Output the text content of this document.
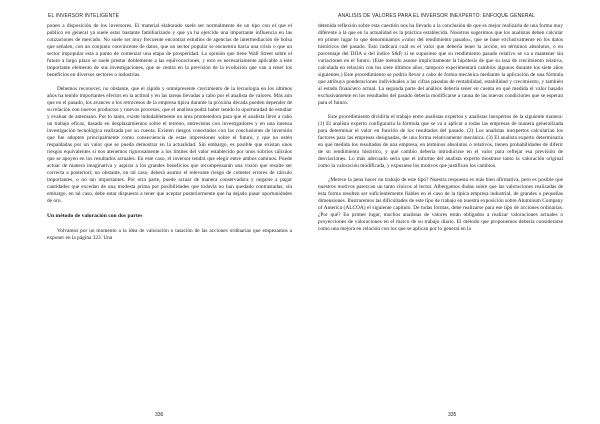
EL INVERSOR INTELIGENTE

ponen a disposición de los inversores. El material elaborado suele ser normalmente de un tipo con el que el público en general ya suele estar bastante familiarizado y que ya ha ejercido una importante influencia en las cotizaciones de mercado. No suele ser muy frecuente encontrar estudios de agencias de intermediación de bolsa que señalen, con un conjunto convincente de datos, que un sector popular se encuentra hacia una crisis o que un sector impopular está a punto de comenzar una etapa de prosperidad. La opinión que tiene Wall Street sobre el futuro a largo plazo se suele prestar doblemente a las equivocaciones, y esto es necesariamente aplicable a este importante elemento de sus investigaciones, que se centra en la previsión de la evolución que van a tener los beneficios en diversos sectores o industrias.

Debemos reconocer, no obstante, que el rápido y omnipresente crecimiento de la tecnología en los últimos años ha tenido importantes efectos en la actitud y en las tareas llevadas a cabo por el analista de valores. Más aún que en el pasado, los avances o los retrocesos de la empresa típica durante la próxima década pueden depender de su relación con nuevos productos y nuevos procesos, que el analista podrá haber tenido la oportunidad de estudiar y evaluar de antemano. Por lo tanto, existe indudablemente un área prometedora para que el analista lleve a cabo un trabajo eficaz, basado en desplazamientos sobre el terreno, entrevistas con investigadores y en una intensa investigación tecnológica realizada por su cuenta. Existen riesgos conectados con las conclusiones de inversión que fue adopten principalmente como consecuencia de estas impresiones sobre el futuro, y que no estén respaldadas por un valor que se pueda demostrar en la actualidad. Sin embargo, es posible que existan unos riesgos equivalentes si nos atenemos rigurosamente a los límites del valor establecido por unos sobrios cálculos que se apoyen en los resultados actuales. En este caso, el inversor tendrá que elegir entre ambos caminos. Puede actuar de manera imaginativa y aspirar a los grandes beneficios que recompensarán una visión que resulte ser correcta a posteriori; no obstante, en tal caso, deberá asumir el relevante riesgo de cometer errores de cálculo importantes, o no tan importantes. Por otra parte, puede actuar de manera conservadora y negarse a pagar cantidades que excedan de una modesta prima por posibilidades que todavía no han quedado contrastadas; sin embargo, en tal caso, debe estar dispuesto a tener que aceptar posteriormente que ha dejado pasar oportunidades de oro.

Un método de valoración con dos partes

Volvamos por un momento a la idea de valoración o tasación de las acciones ordinarias que empezamos a exponer en la página 323. Una

336
ANÁLISIS DE VALORES PARA EL INVERSOR INEXPERTO: ENFOQUE GENERAL

detenida reflexión sobre esta cuestión nos ha llevado a la conclusión de que es mejor realizarla de una forma muy diferente a la que en la actualidad es la práctica establecida. Nosotros sugerimos que los analistas deben calcular en primer lugar lo que denominamos «valor del rendimiento pasado», que se base exclusivamente en los datos históricos del pasado. Esto indicará cuál es el valor que debería tener la acción, en términos absolutos, o en porcentaje del DJIA o del índice S&P, si se supusiese que su rendimiento pasado relativo se va a mantener sin variaciones en el futuro. (Este método asume implícitamente la hipótesis de que su tasa de crecimiento relativa, calculada en relación con los siete últimos años, tampoco experimentará cambios algunos durante los siete años siguientes.) Este procedimiento se podría llevar a cabo de forma mecánica mediante la aplicación de una fórmula que atribuya ponderaciones individuales a las cifras pasadas de rentabilidad, estabilidad y crecimiento, y también al estado financiero actual. La segunda parte del análisis debería tener en cuenta en qué medida el valor basado exclusivamente en los resultados del pasado debería modificarse a causa de las nuevas condiciones que se esperan para el futuro.

Este procedimiento dividiría el trabajo entre analistas expertos y analistas inexpertos de la siguiente manera: (1) El analista experto configuraría la fórmula que se va a aplicar a todas las empresas de manera generalizada para determinar el valor en función de los resultados del pasado. (2) Los analistas inexpertos calcularían los factores para las empresas designadas, de una forma relativamente mecánica. (3) El analista experto determinaría en qué medida los resultados de una empresa, en términos absolutos o relativos, tienen probabilidades de diferir de su rendimiento histórico, y qué cambio debería introducirse en el valor para reflejar esa previsión de desviaciones. Lo más adecuado sería que el informe del analista experto mostrase tanto la valoración original como la valoración modificada, y expusiese los motivos que justifican los cambios.

¿Merece la pena hacer un trabajo de este tipo? Nuestra respuesta es más bien afirmativa, pero es posible que nuestros motivos parezcan un tanto cínicos al lector. Albergamos dudas sobre que las valoraciones realizadas de esta forma resulten ser suficientemente fiables en el caso de la típica empresa industrial, de grandes o pequeñas dimensiones. Ilustraremos las dificultades de este tipo de trabajo en nuestra exposición sobre Aluminum Company of America (ALCOA) el siguiente capítulo. De todas formas, debe realizarse para ese tipo de acciones ordinarias. ¿Por qué? En primer lugar, muchos analistas de valores están obligados a realizar valoraciones actuales o proyecciones de valoraciones en el marco de su trabajo diario. El método que proponemos debería considerarse como una mejora en relación con los que se aplican por lo general en la

335
